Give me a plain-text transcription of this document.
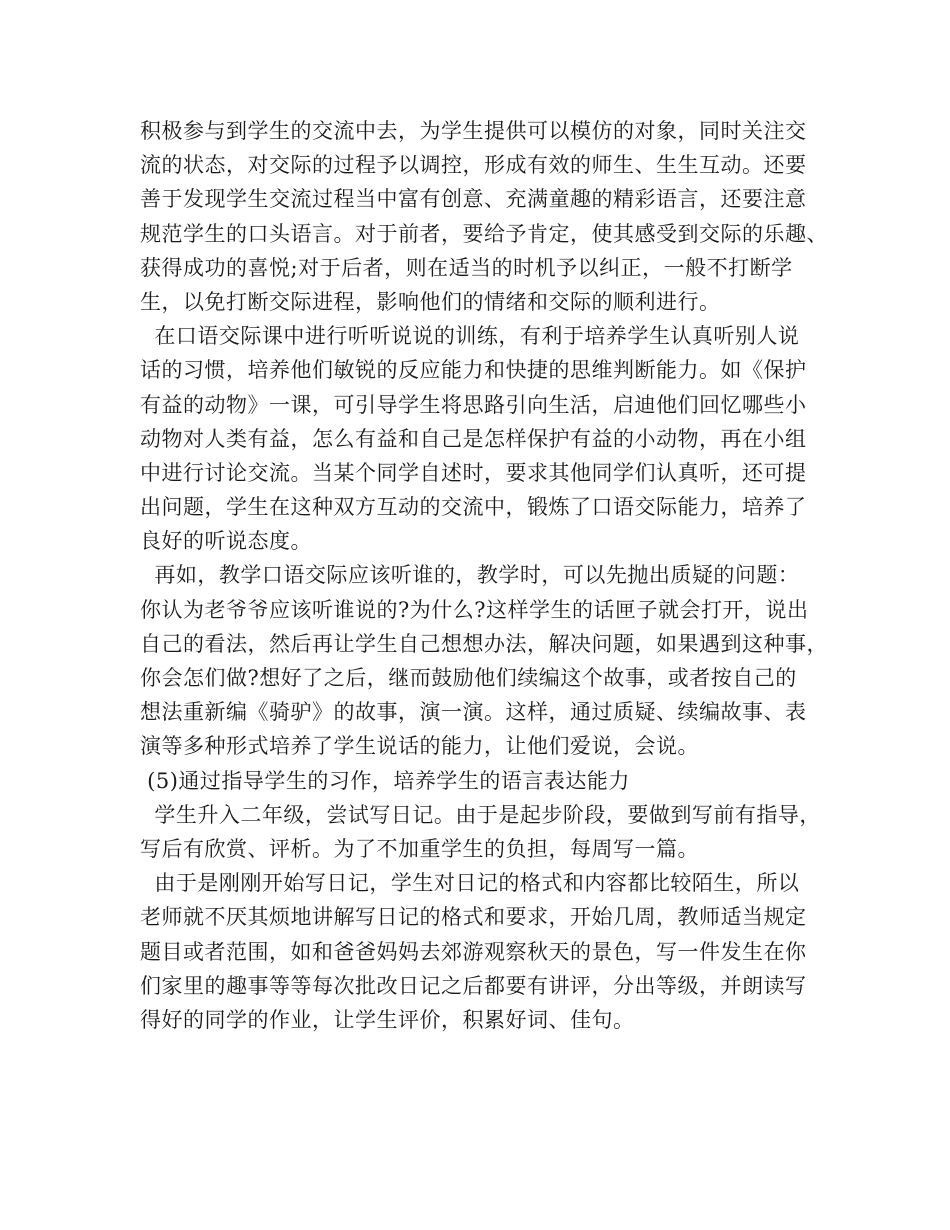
积极参与到学生的交流中去，为学生提供可以模仿的对象，同时关注交
流的状态，对交际的过程予以调控，形成有效的师生、生生互动。还要
善于发现学生交流过程当中富有创意、充满童趣的精彩语言，还要注意
规范学生的口头语言。对于前者，要给予肯定，使其感受到交际的乐趣、
获得成功的喜悦;对于后者，则在适当的时机予以纠正，一般不打断学
生，以免打断交际进程，影响他们的情绪和交际的顺利进行。
在口语交际课中进行听听说说的训练，有利于培养学生认真听别人说
话的习惯，培养他们敏锐的反应能力和快捷的思维判断能力。如《保护
有益的动物》一课，可引导学生将思路引向生活，启迪他们回忆哪些小
动物对人类有益，怎么有益和自己是怎样保护有益的小动物，再在小组
中进行讨论交流。当某个同学自述时，要求其他同学们认真听，还可提
出问题，学生在这种双方互动的交流中，锻炼了口语交际能力，培养了
良好的听说态度。
再如，教学口语交际应该听谁的，教学时，可以先抛出质疑的问题：
你认为老爷爷应该听谁说的?为什么?这样学生的话匣子就会打开，说出
自己的看法，然后再让学生自己想想办法，解决问题，如果遇到这种事，
你会怎们做?想好了之后，继而鼓励他们续编这个故事，或者按自己的
想法重新编《骑驴》的故事，演一演。这样，通过质疑、续编故事、表
演等多种形式培养了学生说话的能力，让他们爱说，会说。
(5)通过指导学生的习作，培养学生的语言表达能力
学生升入二年级，尝试写日记。由于是起步阶段，要做到写前有指导，
写后有欣赏、评析。为了不加重学生的负担，每周写一篇。
由于是刚刚开始写日记，学生对日记的格式和内容都比较陌生，所以
老师就不厌其烦地讲解写日记的格式和要求，开始几周，教师适当规定
题目或者范围，如和爸爸妈妈去郊游观察秋天的景色，写一件发生在你
们家里的趣事等等每次批改日记之后都要有讲评，分出等级，并朗读写
得好的同学的作业，让学生评价，积累好词、佳句。
